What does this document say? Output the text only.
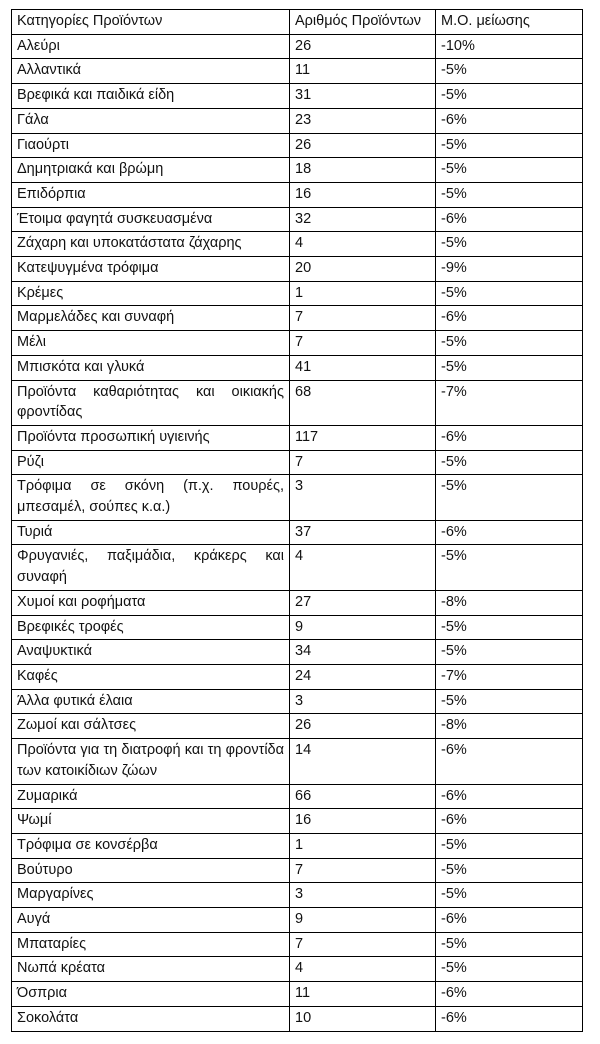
Κατηγορίες Προϊόντων	Αριθμός Προϊόντων	Μ.Ο. μείωσης
Αλεύρι	26	-10%
Αλλαντικά	11	-5%
Βρεφικά και παιδικά είδη	31	-5%
Γάλα	23	-6%
Γιαούρτι	26	-5%
Δημητριακά και βρώμη	18	-5%
Επιδόρπια	16	-5%
Έτοιμα φαγητά συσκευασμένα	32	-6%
Ζάχαρη και υποκατάστατα ζάχαρης	4	-5%
Κατεψυγμένα τρόφιμα	20	-9%
Κρέμες	1	-5%
Μαρμελάδες και συναφή	7	-6%
Μέλι	7	-5%
Μπισκότα και γλυκά	41	-5%
Προϊόντα καθαριότητας και οικιακής φροντίδας	68	-7%
Προϊόντα προσωπική υγιεινής	117	-6%
Ρύζι	7	-5%
Τρόφιμα σε σκόνη (π.χ. πουρές, μπεσαμέλ, σούπες κ.α.)	3	-5%
Τυριά	37	-6%
Φρυγανιές, παξιμάδια, κράκερς και συναφή	4	-5%
Χυμοί και ροφήματα	27	-8%
Βρεφικές τροφές	9	-5%
Αναψυκτικά	34	-5%
Καφές	24	-7%
Άλλα φυτικά έλαια	3	-5%
Ζωμοί και σάλτσες	26	-8%
Προϊόντα για τη διατροφή και τη φροντίδα των κατοικίδιων ζώων	14	-6%
Ζυμαρικά	66	-6%
Ψωμί	16	-6%
Τρόφιμα σε κονσέρβα	1	-5%
Βούτυρο	7	-5%
Μαργαρίνες	3	-5%
Αυγά	9	-6%
Μπαταρίες	7	-5%
Νωπά κρέατα	4	-5%
Όσπρια	11	-6%
Σοκολάτα	10	-6%
